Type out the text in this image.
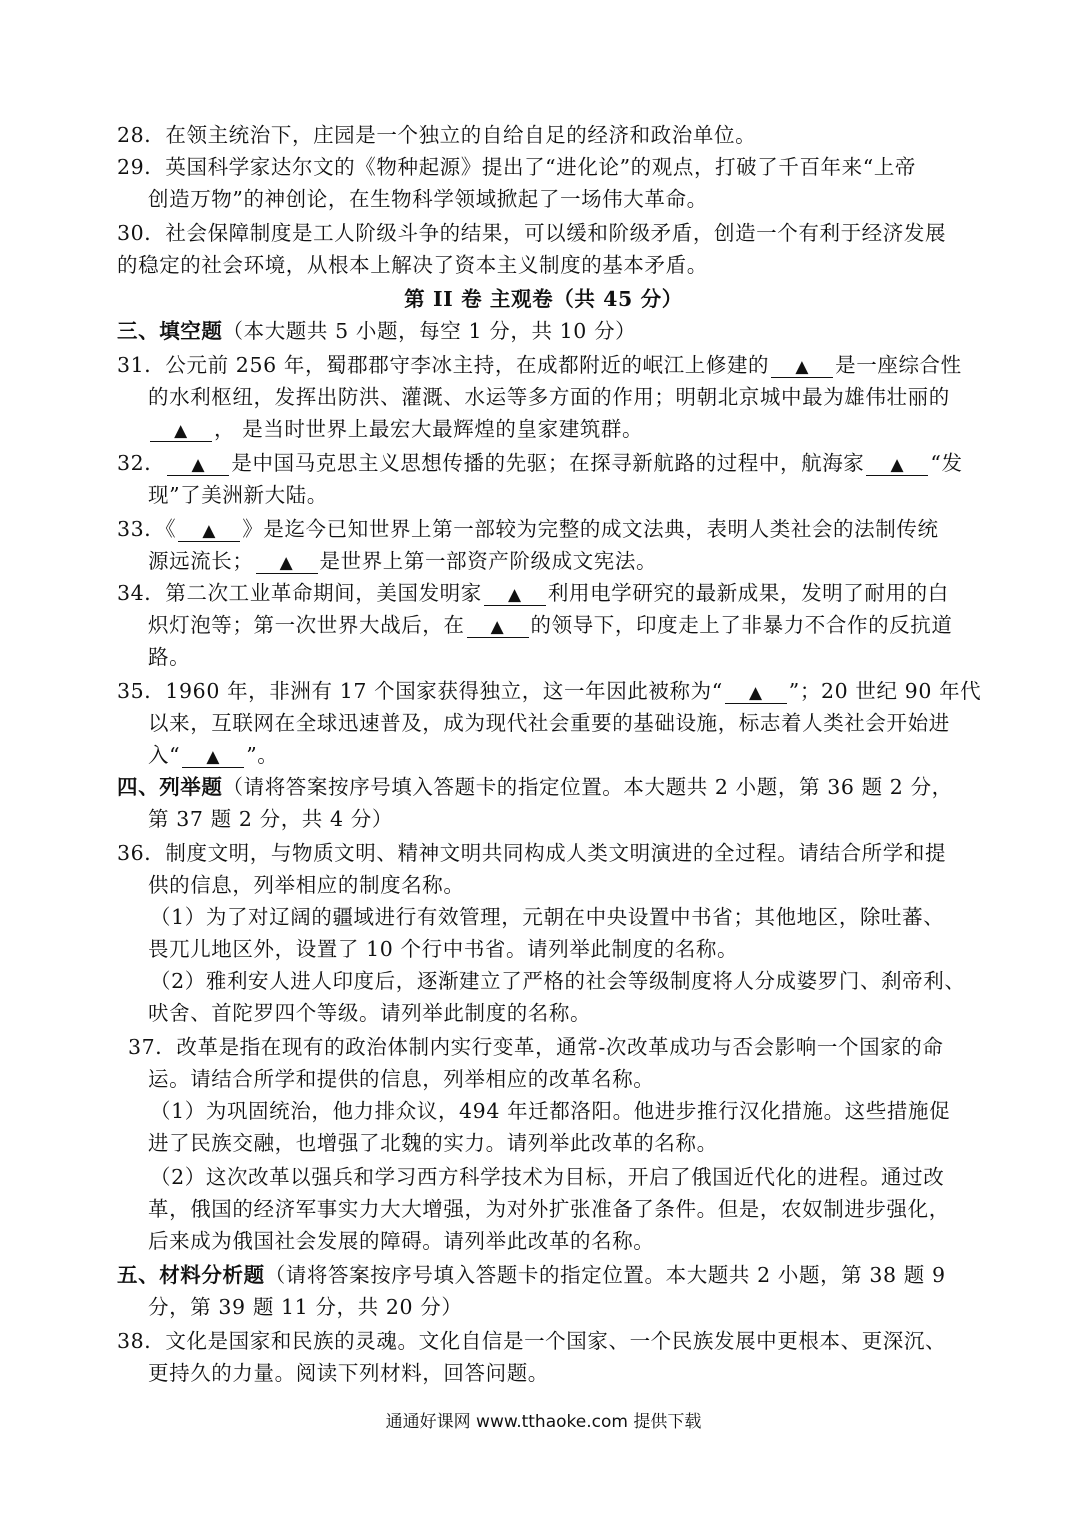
28．在领主统治下，庄园是一个独立的自给自足的经济和政治单位。
29．英国科学家达尔文的《物种起源》提出了“进化论”的观点，打破了千百年来“上帝
创造万物”的神创论，在生物科学领域掀起了一场伟大革命。
30．社会保障制度是工人阶级斗争的结果，可以缓和阶级矛盾，创造一个有利于经济发展
的稳定的社会环境，从根本上解决了资本主义制度的基本矛盾。
第 II 卷 主观卷（共 45 分）
三、填空题（本大题共 5 小题，每空 1 分，共 10 分）
31．公元前 256 年，蜀郡郡守李冰主持，在成都附近的岷江上修建的 ▲ 是一座综合性
的水利枢纽，发挥出防洪、灌溉、水运等多方面的作用；明朝北京城中最为雄伟壮丽的
▲ ， 是当时世界上最宏大最辉煌的皇家建筑群。
32． ▲ 是中国马克思主义思想传播的先驱；在探寻新航路的过程中，航海家 ▲ “发
现”了美洲新大陆。
33．《 ▲ 》是迄今已知世界上第一部较为完整的成文法典，表明人类社会的法制传统
源远流长； ▲ 是世界上第一部资产阶级成文宪法。
34．第二次工业革命期间，美国发明家 ▲ 利用电学研究的最新成果，发明了耐用的白
炽灯泡等；第一次世界大战后，在 ▲ 的领导下，印度走上了非暴力不合作的反抗道
路。
35．1960 年，非洲有 17 个国家获得独立，这一年因此被称为“ ▲ ”；20 世纪 90 年代
以来，互联网在全球迅速普及，成为现代社会重要的基础设施，标志着人类社会开始进
入“ ▲ ”。
四、列举题（请将答案按序号填入答题卡的指定位置。本大题共 2 小题，第 36 题 2 分，
第 37 题 2 分，共 4 分）
36．制度文明，与物质文明、精神文明共同构成人类文明演进的全过程。请结合所学和提
供的信息，列举相应的制度名称。
（1）为了对辽阔的疆域进行有效管理，元朝在中央设置中书省；其他地区，除吐蕃、
畏兀儿地区外，设置了 10 个行中书省。请列举此制度的名称。
（2）雅利安人进人印度后，逐渐建立了严格的社会等级制度将人分成婆罗门、刹帝利、
吠舍、首陀罗四个等级。请列举此制度的名称。
37．改革是指在现有的政治体制内实行变革，通常-次改革成功与否会影响一个国家的命
运。请结合所学和提供的信息，列举相应的改革名称。
（1）为巩固统治，他力排众议，494 年迁都洛阳。他进步推行汉化措施。这些措施促
进了民族交融，也增强了北魏的实力。请列举此改革的名称。
（2）这次改革以强兵和学习西方科学技术为目标，开启了俄国近代化的进程。通过改
革，俄国的经济军事实力大大增强，为对外扩张准备了条件。但是，农奴制进步强化，
后来成为俄国社会发展的障碍。请列举此改革的名称。
五、材料分析题（请将答案按序号填入答题卡的指定位置。本大题共 2 小题，第 38 题 9
分，第 39 题 11 分，共 20 分）
38．文化是国家和民族的灵魂。文化自信是一个国家、一个民族发展中更根本、更深沉、
更持久的力量。阅读下列材料，回答问题。
通通好课网 www.tthaoke.com 提供下载
